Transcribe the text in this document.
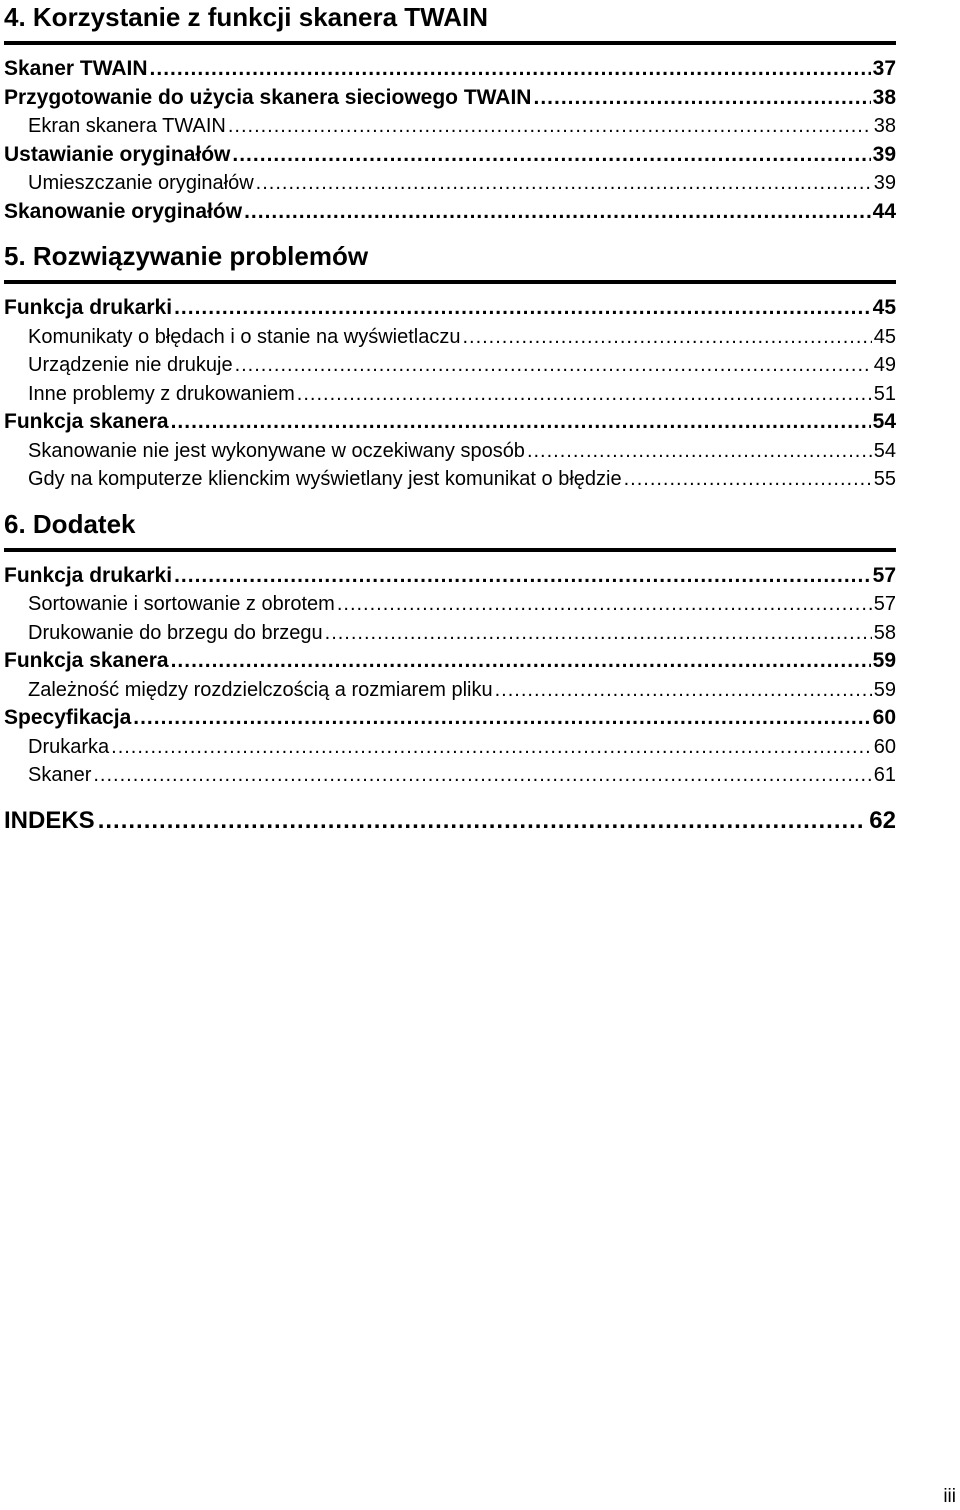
4. Korzystanie z funkcji skanera TWAIN
Skaner TWAIN .....	37
Przygotowanie do użycia skanera sieciowego TWAIN .....	38
Ekran skanera TWAIN .....	38
Ustawianie oryginałów .....	39
Umieszczanie oryginałów .....	39
Skanowanie oryginałów .....	44
5. Rozwiązywanie problemów
Funkcja drukarki .....	45
Komunikaty o błędach i o stanie na wyświetlaczu .....	45
Urządzenie nie drukuje .....	49
Inne problemy z drukowaniem .....	51
Funkcja skanera .....	54
Skanowanie nie jest wykonywane w oczekiwany sposób .....	54
Gdy na komputerze klienckim wyświetlany jest komunikat o błędzie .....	55
6. Dodatek
Funkcja drukarki .....	57
Sortowanie i sortowanie z obrotem .....	57
Drukowanie do brzegu do brzegu .....	58
Funkcja skanera .....	59
Zależność między rozdzielczością a rozmiarem pliku .....	59
Specyfikacja .....	60
Drukarka .....	60
Skaner .....	61
INDEKS .....	62
iii
